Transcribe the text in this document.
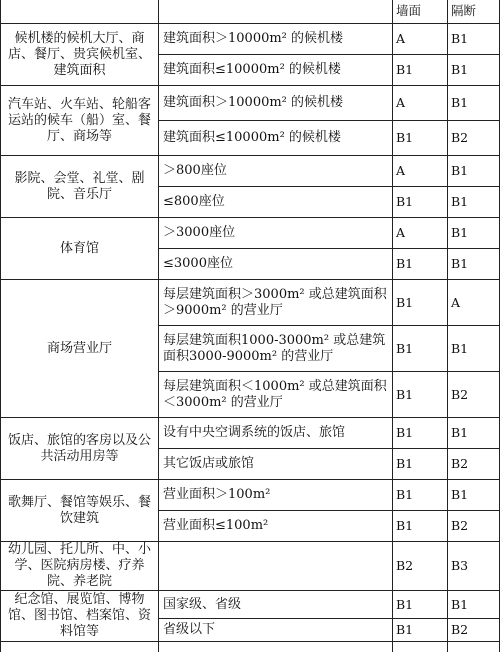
		墙面	隔断
候机楼的候机大厅、商店、餐厅、贵宾候机室、建筑面积	建筑面积＞10000m² 的候机楼	A	B1
	建筑面积≤10000m² 的候机楼	B1	B1
汽车站、火车站、轮船客运站的候车（船）室、餐厅、商场等	建筑面积＞10000m² 的候机楼	A	B1
	建筑面积≤10000m² 的候机楼	B1	B2
影院、会堂、礼堂、剧院、音乐厅	＞800座位	A	B1
	≤800座位	B1	B1
体育馆	＞3000座位	A	B1
	≤3000座位	B1	B1
商场营业厅	每层建筑面积＞3000m² 或总建筑面积＞9000m² 的营业厅	B1	A
	每层建筑面积1000-3000m² 或总建筑面积3000-9000m² 的营业厅	B1	B1
	每层建筑面积＜1000m² 或总建筑面积＜3000m² 的营业厅	B1	B2
饭店、旅馆的客房以及公共活动用房等	设有中央空调系统的饭店、旅馆	B1	B1
	其它饭店或旅馆	B1	B2
歌舞厅、餐馆等娱乐、餐饮建筑	营业面积＞100m²	B1	B1
	营业面积≤100m²	B1	B2
幼儿园、托儿所、中、小学、医院病房楼、疗养院、养老院		B2	B3
纪念馆、展览馆、博物馆、图书馆、档案馆、资料馆等	国家级、省级	B1	B1
	省级以下	B1	B2
